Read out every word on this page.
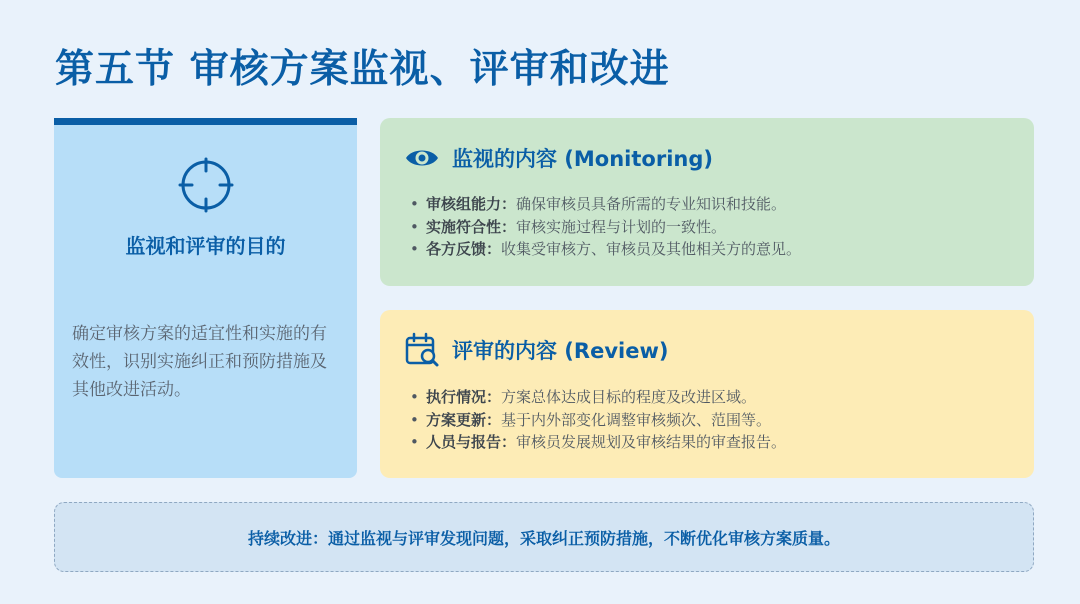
第五节 审核方案监视、评审和改进
监视和评审的目的
确定审核方案的适宜性和实施的有效性，识别实施纠正和预防措施及其他改进活动。
监视的内容 (Monitoring)
• 审核组能力：确保审核员具备所需的专业知识和技能。
• 实施符合性：审核实施过程与计划的一致性。
• 各方反馈：收集受审核方、审核员及其他相关方的意见。
评审的内容 (Review)
• 执行情况：方案总体达成目标的程度及改进区域。
• 方案更新：基于内外部变化调整审核频次、范围等。
• 人员与报告：审核员发展规划及审核结果的审查报告。
持续改进：通过监视与评审发现问题，采取纠正预防措施，不断优化审核方案质量。
